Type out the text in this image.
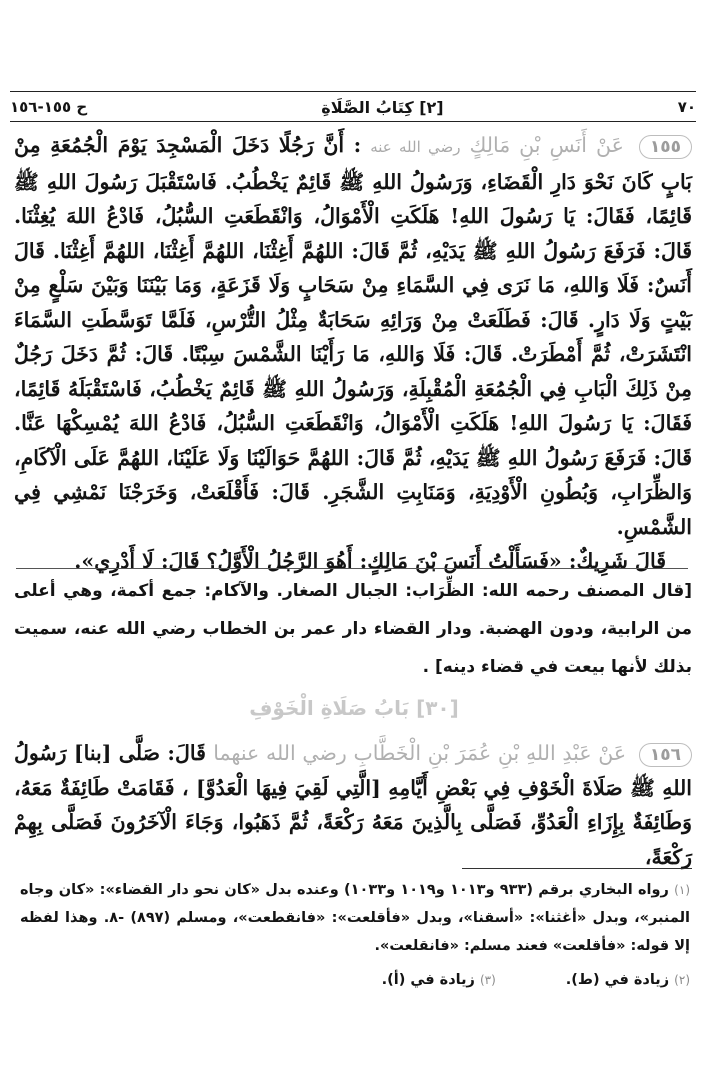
٧٠
[٢] كِتَابُ الصَّلَاةِ
ح ١٥٥-١٥٦

١٥٥ عَنْ أَنَسِ بْنِ مَالِكٍ رضي الله عنه : أَنَّ رَجُلًا دَخَلَ الْمَسْجِدَ يَوْمَ الْجُمُعَةِ مِنْ بَابٍ كَانَ نَحْوَ دَارِ الْقَضَاءِ، وَرَسُولُ اللهِ ﷺ قَائِمٌ يَخْطُبُ. فَاسْتَقْبَلَ رَسُولَ اللهِ ﷺ قَائِمًا، فَقَالَ: يَا رَسُولَ اللهِ! هَلَكَتِ الْأَمْوَالُ، وَانْقَطَعَتِ السُّبُلُ، فَادْعُ اللهَ يُغِثْنَا. قَالَ: فَرَفَعَ رَسُولُ اللهِ ﷺ يَدَيْهِ، ثُمَّ قَالَ: اللهُمَّ أَغِثْنَا، اللهُمَّ أَغِثْنَا، اللهُمَّ أَغِثْنَا. قَالَ أَنَسٌ: فَلَا وَاللهِ، مَا نَرَى فِي السَّمَاءِ مِنْ سَحَابٍ وَلَا قَزَعَةٍ، وَمَا بَيْنَنَا وَبَيْنَ سَلْعٍ مِنْ بَيْتٍ وَلَا دَارٍ. قَالَ: فَطَلَعَتْ مِنْ وَرَائِهِ سَحَابَةٌ مِثْلُ التُّرْسِ، فَلَمَّا تَوَسَّطَتِ السَّمَاءَ انْتَشَرَتْ، ثُمَّ أَمْطَرَتْ. قَالَ: فَلَا وَاللهِ، مَا رَأَيْنَا الشَّمْسَ سِبْتًا. قَالَ: ثُمَّ دَخَلَ رَجُلٌ مِنْ ذَلِكَ الْبَابِ فِي الْجُمُعَةِ الْمُقْبِلَةِ، وَرَسُولُ اللهِ ﷺ قَائِمٌ يَخْطُبُ، فَاسْتَقْبَلَهُ قَائِمًا، فَقَالَ: يَا رَسُولَ اللهِ! هَلَكَتِ الْأَمْوَالُ، وَانْقَطَعَتِ السُّبُلُ، فَادْعُ اللهَ يُمْسِكْهَا عَنَّا. قَالَ: فَرَفَعَ رَسُولُ اللهِ ﷺ يَدَيْهِ، ثُمَّ قَالَ: اللهُمَّ حَوَالَيْنَا وَلَا عَلَيْنَا، اللهُمَّ عَلَى الْآكَامِ، وَالظِّرَابِ، وَبُطُونِ الْأَوْدِيَةِ، وَمَنَابِتِ الشَّجَرِ. قَالَ: فَأَقْلَعَتْ، وَخَرَجْنَا نَمْشِي فِي الشَّمْسِ.

قَالَ شَرِيكٌ: «فَسَأَلْتُ أَنَسَ بْنَ مَالِكٍ: أَهُوَ الرَّجُلُ الْأَوَّلُ؟ قَالَ: لَا أَدْرِي».

[قال المصنف رحمه الله: الظِّرَاب: الجبال الصغار. والآكام: جمع أكمة، وهي أعلى من الرابية، ودون الهضبة. ودار القضاء دار عمر بن الخطاب رضي الله عنه، سميت بذلك لأنها بيعت في قضاء دينه] .

[٣٠] بَابُ صَلَاةِ الْخَوْفِ

١٥٦ عَنْ عَبْدِ اللهِ بْنِ عُمَرَ بْنِ الْخَطَّابِ رضي الله عنهما قَالَ: صَلَّى [بنا] رَسُولُ اللهِ ﷺ صَلَاةَ الْخَوْفِ فِي بَعْضِ أَيَّامِهِ [الَّتِي لَقِيَ فِيهَا الْعَدُوَّ] ، فَقَامَتْ طَائِفَةٌ مَعَهُ، وَطَائِفَةٌ بِإِزَاءِ الْعَدُوِّ، فَصَلَّى بِالَّذِينَ مَعَهُ رَكْعَةً، ثُمَّ ذَهَبُوا، وَجَاءَ الْآخَرُونَ فَصَلَّى بِهِمْ رَكْعَةً،

(١) رواه البخاري برقم (٩٣٣ و١٠١٣ و١٠١٩ و١٠٣٣) وعنده بدل «كان نحو دار القضاء»: «كان وجاه المنبر»، وبدل «أغثنا»: «أسقنا»، وبدل «فأقلعت»: «فانقطعت»، ومسلم (٨٩٧) -٨. وهذا لفظه إلا قوله: «فأقلعت» فعند مسلم: «فانقلعت».

(٢) زيادة في (ط).
(٣) زيادة في (أ).
